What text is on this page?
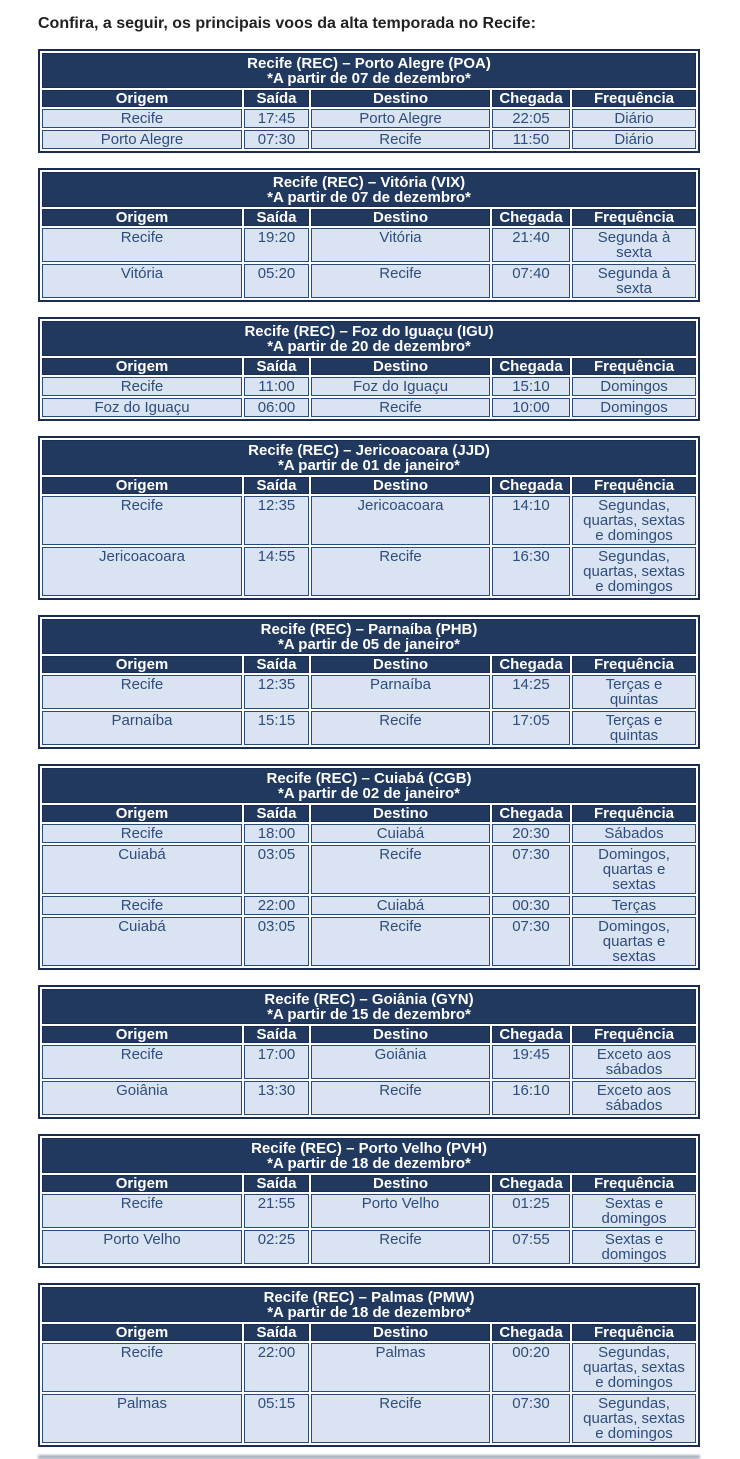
Confira, a seguir, os principais voos da alta temporada no Recife:

Recife (REC) – Porto Alegre (POA)
*A partir de 07 de dezembro*				

Origem	Saída	Destino	Chegada	Frequência
Recife	17:45	Porto Alegre	22:05	Diário
Porto Alegre	07:30	Recife	11:50	Diário
Recife (REC) – Vitória (VIX)
*A partir de 07 de dezembro*				

Origem	Saída	Destino	Chegada	Frequência
Recife	19:20	Vitória	21:40	Segunda à sexta
Vitória	05:20	Recife	07:40	Segunda à sexta
Recife (REC) – Foz do Iguaçu (IGU)
*A partir de 20 de dezembro*				

Origem	Saída	Destino	Chegada	Frequência
Recife	11:00	Foz do Iguaçu	15:10	Domingos
Foz do Iguaçu	06:00	Recife	10:00	Domingos
Recife (REC) – Jericoacoara (JJD)
*A partir de 01 de janeiro*				

Origem	Saída	Destino	Chegada	Frequência
Recife	12:35	Jericoacoara	14:10	Segundas, quartas, sextas e domingos
Jericoacoara	14:55	Recife	16:30	Segundas, quartas, sextas e domingos
Recife (REC) – Parnaíba (PHB)
*A partir de 05 de janeiro*				

Origem	Saída	Destino	Chegada	Frequência
Recife	12:35	Parnaíba	14:25	Terças e quintas
Parnaíba	15:15	Recife	17:05	Terças e quintas
Recife (REC) – Cuiabá (CGB)
*A partir de 02 de janeiro*				

Origem	Saída	Destino	Chegada	Frequência
Recife	18:00	Cuiabá	20:30	Sábados
Cuiabá	03:05	Recife	07:30	Domingos, quartas e sextas
Recife	22:00	Cuiabá	00:30	Terças
Cuiabá	03:05	Recife	07:30	Domingos, quartas e sextas
Recife (REC) – Goiânia (GYN)
*A partir de 15 de dezembro*				

Origem	Saída	Destino	Chegada	Frequência
Recife	17:00	Goiânia	19:45	Exceto aos sábados
Goiânia	13:30	Recife	16:10	Exceto aos sábados
Recife (REC) – Porto Velho (PVH)
*A partir de 18 de dezembro*				

Origem	Saída	Destino	Chegada	Frequência
Recife	21:55	Porto Velho	01:25	Sextas e domingos
Porto Velho	02:25	Recife	07:55	Sextas e domingos
Recife (REC) – Palmas (PMW)
*A partir de 18 de dezembro*				

Origem	Saída	Destino	Chegada	Frequência
Recife	22:00	Palmas	00:20	Segundas, quartas, sextas e domingos
Palmas	05:15	Recife	07:30	Segundas, quartas, sextas e domingos
